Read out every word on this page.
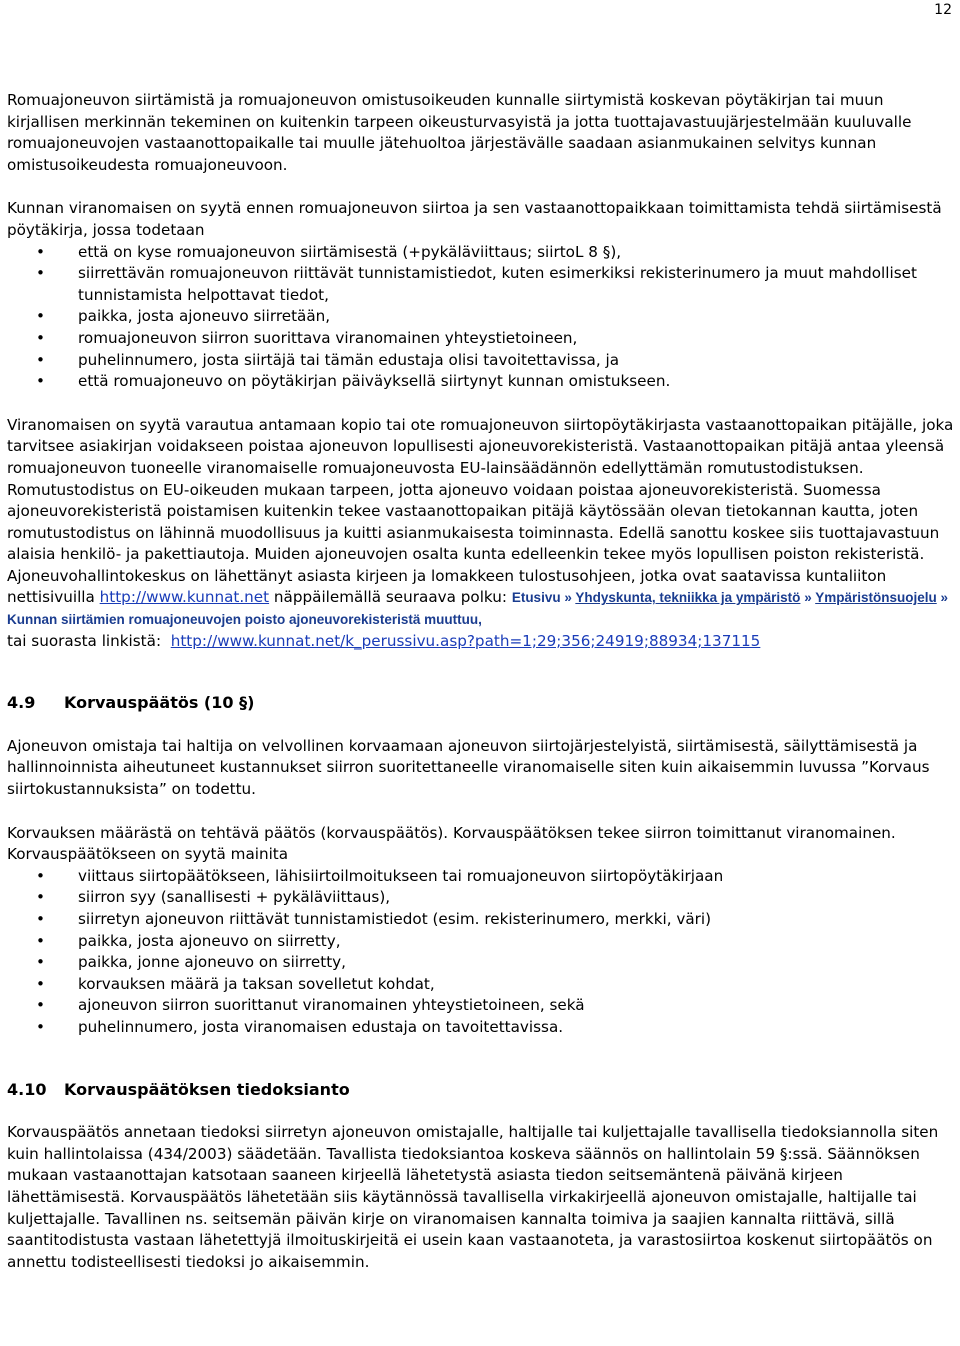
12

Romuajoneuvon siirtämistä ja romuajoneuvon omistusoikeuden kunnalle siirtymistä koskevan pöytäkirjan tai muun kirjallisen merkinnän tekeminen on kuitenkin tarpeen oikeusturvasyistä ja jotta tuottajavastuujärjestelmään kuuluvalle romuajoneuvojen vastaanottopaikalle tai muulle jätehuoltoa järjestävälle saadaan asianmukainen selvitys kunnan omistusoikeudesta romuajoneuvoon.

Kunnan viranomaisen on syytä ennen romuajoneuvon siirtoa ja sen vastaanottopaikkaan toimittamista tehdä siirtämisestä pöytäkirja, jossa todetaan

• että on kyse romuajoneuvon siirtämisestä (+pykäläviittaus; siirtoL 8 §),
• siirrettävän romuajoneuvon riittävät tunnistamistiedot, kuten esimerkiksi rekisterinumero ja muut mahdolliset tunnistamista helpottavat tiedot,
• paikka, josta ajoneuvo siirretään,
• romuajoneuvon siirron suorittava viranomainen yhteystietoineen,
• puhelinnumero, josta siirtäjä tai tämän edustaja olisi tavoitettavissa, ja
• että romuajoneuvo on pöytäkirjan päiväyksellä siirtynyt kunnan omistukseen.

Viranomaisen on syytä varautua antamaan kopio tai ote romuajoneuvon siirtopöytäkirjasta vastaanottopaikan pitäjälle, joka tarvitsee asiakirjan voidakseen poistaa ajoneuvon lopullisesti ajoneuvorekisteristä. Vastaanottopaikan pitäjä antaa yleensä romuajoneuvon tuoneelle viranomaiselle romuajoneuvosta EU-lainsäädännön edellyttämän romutustodistuksen. Romutustodistus on EU-oikeuden mukaan tarpeen, jotta ajoneuvo voidaan poistaa ajoneuvorekisteristä. Suomessa ajoneuvorekisteristä poistamisen kuitenkin tekee vastaanottopaikan pitäjä käytössään olevan tietokannan kautta, joten romutustodistus on lähinnä muodollisuus ja kuitti asianmukaisesta toiminnasta. Edellä sanottu koskee siis tuottajavastuun alaisia henkilö- ja pakettiautoja. Muiden ajoneuvojen osalta kunta edelleenkin tekee myös lopullisen poiston rekisteristä. Ajoneuvohallintokeskus on lähettänyt asiasta kirjeen ja lomakkeen tulostusohjeen, jotka ovat saatavissa kuntaliiton nettisivuilla http://www.kunnat.net näppäilemällä seuraava polku: Etusivu » Yhdyskunta, tekniikka ja ympäristö » Ympäristönsuojelu » Kunnan siirtämien romuajoneuvojen poisto ajoneuvorekisteristä muuttuu,

tai suorasta linkistä:  http://www.kunnat.net/k_perussivu.asp?path=1;29;356;24919;88934;137115

4.9 Korvauspäätös (10 §)

Ajoneuvon omistaja tai haltija on velvollinen korvaamaan ajoneuvon siirtojärjestelyistä, siirtämisestä, säilyttämisestä ja hallinnoinnista aiheutuneet kustannukset siirron suoritettaneelle viranomaiselle siten kuin aikaisemmin luvussa ”Korvaus siirtokustannuksista” on todettu.

Korvauksen määrästä on tehtävä päätös (korvauspäätös). Korvauspäätöksen tekee siirron toimittanut viranomainen. Korvauspäätökseen on syytä mainita

• viittaus siirtopäätökseen, lähisiirtoilmoitukseen tai romuajoneuvon siirtopöytäkirjaan
• siirron syy (sanallisesti + pykäläviittaus),
• siirretyn ajoneuvon riittävät tunnistamistiedot (esim. rekisterinumero, merkki, väri)
• paikka, josta ajoneuvo on siirretty,
• paikka, jonne ajoneuvo on siirretty,
• korvauksen määrä ja taksan sovelletut kohdat,
• ajoneuvon siirron suorittanut viranomainen yhteystietoineen, sekä
• puhelinnumero, josta viranomaisen edustaja on tavoitettavissa.

4.10 Korvauspäätöksen tiedoksianto

Korvauspäätös annetaan tiedoksi siirretyn ajoneuvon omistajalle, haltijalle tai kuljettajalle tavallisella tiedoksiannolla siten kuin hallintolaissa (434/2003) säädetään. Tavallista tiedoksiantoa koskeva säännös on hallintolain 59 §:ssä. Säännöksen mukaan vastaanottajan katsotaan saaneen kirjeellä lähetetystä asiasta tiedon seitsemäntenä päivänä kirjeen lähettämisestä. Korvauspäätös lähetetään siis käytännössä tavallisella virkakirjeellä ajoneuvon omistajalle, haltijalle tai kuljettajalle. Tavallinen ns. seitsemän päivän kirje on viranomaisen kannalta toimiva ja saajien kannalta riittävä, sillä saantitodistusta vastaan lähetettyjä ilmoituskirjeitä ei usein kaan vastaanoteta, ja varastosiirtoa koskenut siirtopäätös on annettu todisteellisesti tiedoksi jo aikaisemmin.
